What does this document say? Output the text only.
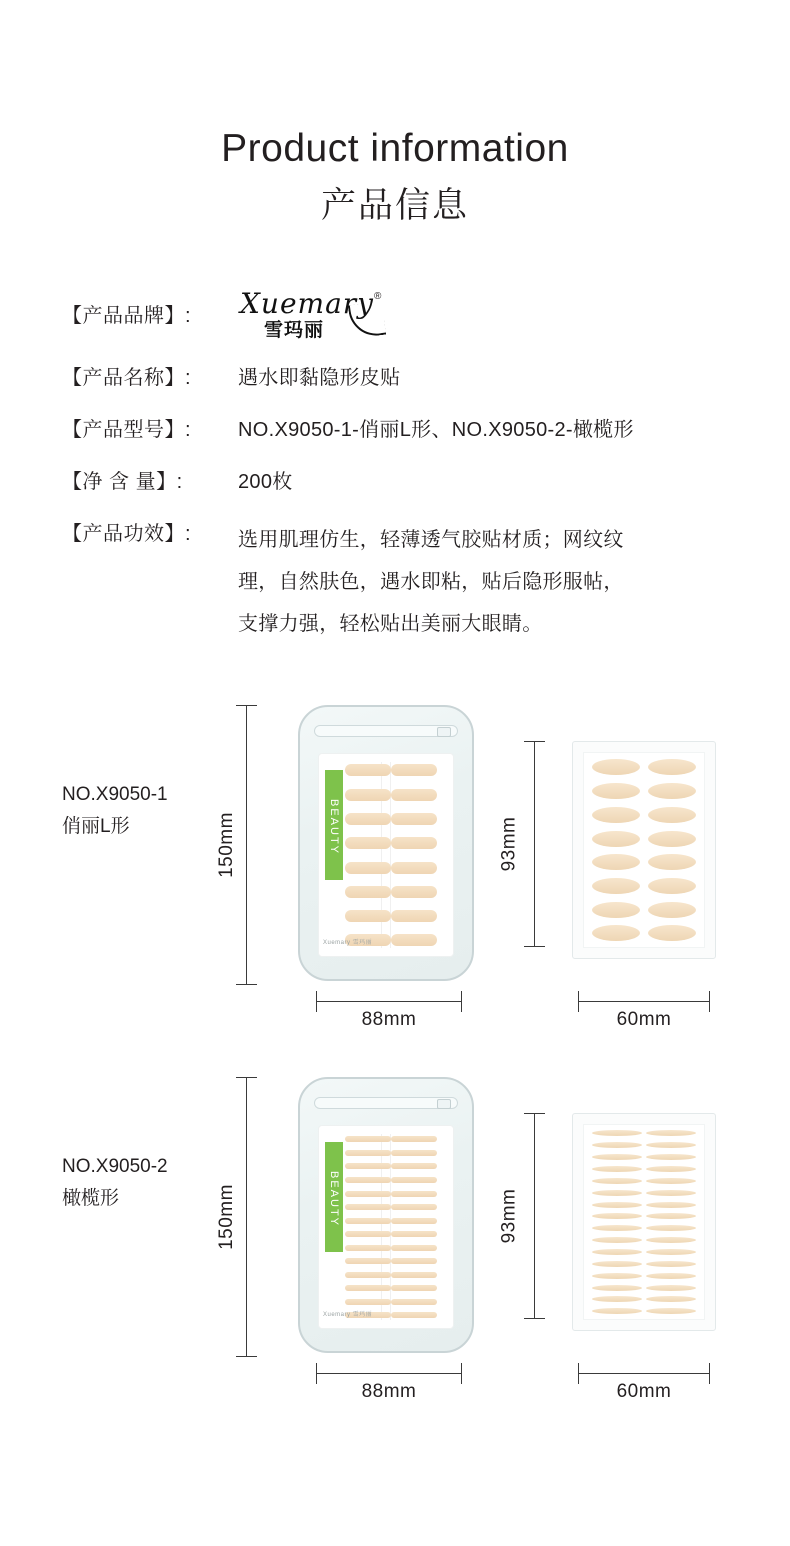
Product information
产品信息
【产品品牌】:	Xuemary ®
雪玛丽
【产品名称】:	遇水即黏隐形皮贴
【产品型号】:	NO.X9050-1-俏丽L形、NO.X9050-2-橄榄形
【净 含 量】:	200枚
【产品功效】:	选用肌理仿生，轻薄透气胶贴材质；网纹纹
理，自然肤色，遇水即粘，贴后隐形服帖，
支撑力强，轻松贴出美丽大眼睛。
NO.X9050-1
俏丽L形	150mm	BEAUTY
Xuemary 雪玛丽
88mm
93mm
60mm
NO.X9050-2
橄榄形	150mm	BEAUTY
Xuemary 雪玛丽
88mm
93mm
60mm
